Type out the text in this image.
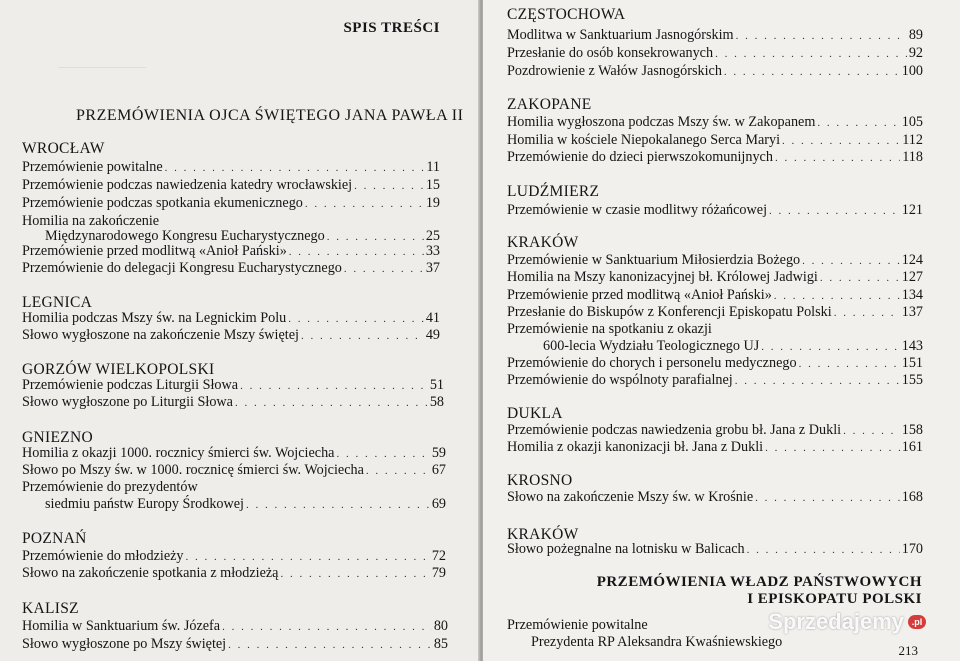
̵ ̵ ̵ ̵ ̵ ̵ ̵ ̵ ̵ ̵ ̵ ̵ ̵ ̵ ̵ ̵ ̵ ̵ ̵ ̵ ̵ ̵ ̵ ̵ ̵ ̵ ̵
SPIS TREŚCI
PRZEMÓWIENIA OJCA ŚWIĘTEGO JANA PAWŁA II
WROCŁAW
Przemówienie powitalne . . .	11
Przemówienie podczas nawiedzenia katedry wrocławskiej . . .	15
Przemówienie podczas spotkania ekumenicznego . . .	19
Homilia na zakończenie
Międzynarodowego Kongresu Eucharystycznego . . .	25
Przemówienie przed modlitwą «Anioł Pański» . . .	33
Przemówienie do delegacji Kongresu Eucharystycznego . . .	37
LEGNICA
Homilia podczas Mszy św. na Legnickim Polu . . .	41
Słowo wygłoszone na zakończenie Mszy świętej . . .	49
GORZÓW WIELKOPOLSKI
Przemówienie podczas Liturgii Słowa . . .	51
Słowo wygłoszone po Liturgii Słowa . . .	58
GNIEZNO
Homilia z okazji 1000. rocznicy śmierci św. Wojciecha . . .	59
Słowo po Mszy św. w 1000. rocznicę śmierci św. Wojciecha . . .	67
Przemówienie do prezydentów
siedmiu państw Europy Środkowej . . .	69
POZNAŃ
Przemówienie do młodzieży . . .	72
Słowo na zakończenie spotkania z młodzieżą . . .	79
KALISZ
Homilia w Sanktuarium św. Józefa . . .	80
Słowo wygłoszone po Mszy świętej . . .	85
CZĘSTOCHOWA
Modlitwa w Sanktuarium Jasnogórskim . . .	89
Przesłanie do osób konsekrowanych . . .	92
Pozdrowienie z Wałów Jasnogórskich . . .	100
ZAKOPANE
Homilia wygłoszona podczas Mszy św. w Zakopanem . . .	105
Homilia w kościele Niepokalanego Serca Maryi . . .	112
Przemówienie do dzieci pierwszokomunijnych . . .	118
LUDŹMIERZ
Przemówienie w czasie modlitwy różańcowej . . .	121
KRAKÓW
Przemówienie w Sanktuarium Miłosierdzia Bożego . . .	124
Homilia na Mszy kanonizacyjnej bł. Królowej Jadwigi . . .	127
Przemówienie przed modlitwą «Anioł Pański» . . .	134
Przesłanie do Biskupów z Konferencji Episkopatu Polski . . .	137
Przemówienie na spotkaniu z okazji
600-lecia Wydziału Teologicznego UJ . . .	143
Przemówienie do chorych i personelu medycznego . . .	151
Przemówienie do wspólnoty parafialnej . . .	155
DUKLA
Przemówienie podczas nawiedzenia grobu bł. Jana z Dukli . . .	158
Homilia z okazji kanonizacji bł. Jana z Dukli . . .	161
KROSNO
Słowo na zakończenie Mszy św. w Krośnie . . .	168
KRAKÓW
Słowo pożegnalne na lotnisku w Balicach . . .	170
PRZEMÓWIENIA WŁADZ PAŃSTWOWYCH
I EPISKOPATU POLSKI
Przemówienie powitalne
Prezydenta RP Aleksandra Kwaśniewskiego
213
Sprzedajemy .pl
